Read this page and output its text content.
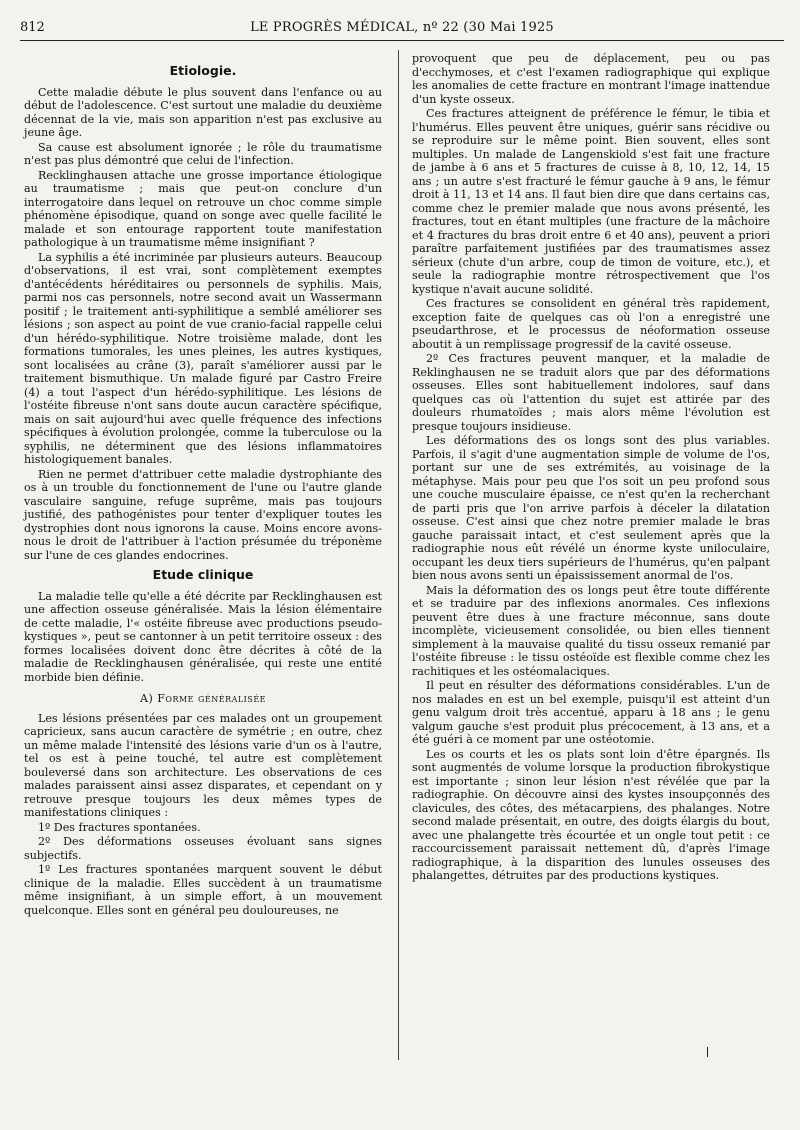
812	LE PROGRÈS MÉDICAL, nº 22 (30 Mai 1925
Etiologie.

Cette maladie débute le plus souvent dans l'enfance ou au début de l'adolescence. C'est surtout une maladie du deuxième décennat de la vie, mais son apparition n'est pas exclusive au jeune âge.

Sa cause est absolument ignorée ; le rôle du traumatisme n'est pas plus démontré que celui de l'infection.

Recklinghausen attache une grosse importance étiologique au traumatisme ; mais que peut-on conclure d'un interrogatoire dans lequel on retrouve un choc comme simple phénomène épisodique, quand on songe avec quelle facilité le malade et son entourage rapportent toute manifestation pathologique à un traumatisme même insignifiant ?

La syphilis a été incriminée par plusieurs auteurs. Beaucoup d'observations, il est vrai, sont complètement exemptes d'antécédents héréditaires ou personnels de syphilis. Mais, parmi nos cas personnels, notre second avait un Wassermann positif ; le traitement anti-syphilitique a semblé améliorer ses lésions ; son aspect au point de vue cranio-facial rappelle celui d'un hérédo-syphilitique. Notre troisième malade, dont les formations tumorales, les unes pleines, les autres kystiques, sont localisées au crâne (3), paraît s'améliorer aussi par le traitement bismuthique. Un malade figuré par Castro Freire (4) a tout l'aspect d'un hérédo-syphilitique. Les lésions de l'ostéite fibreuse n'ont sans doute aucun caractère spécifique, mais on sait aujourd'hui avec quelle fréquence des infections spécifiques à évolution prolongée, comme la tuberculose ou la syphilis, ne déterminent que des lésions inflammatoires histologiquement banales.

Rien ne permet d'attribuer cette maladie dystrophiante des os à un trouble du fonctionnement de l'une ou l'autre glande vasculaire sanguine, refuge suprême, mais pas toujours justifié, des pathogénistes pour tenter d'expliquer toutes les dystrophies dont nous ignorons la cause. Moins encore avons-nous le droit de l'attribuer à l'action présumée du tréponème sur l'une de ces glandes endocrines.

Etude clinique

La maladie telle qu'elle a été décrite par Recklinghausen est une affection osseuse généralisée. Mais la lésion élémentaire de cette maladie, l'« ostéite fibreuse avec productions pseudo-kystiques », peut se cantonner à un petit territoire osseux : des formes localisées doivent donc être décrites à côté de la maladie de Recklinghausen généralisée, qui reste une entité morbide bien définie.

A) Forme généralisée

Les lésions présentées par ces malades ont un groupement capricieux, sans aucun caractère de symétrie ; en outre, chez un même malade l'intensité des lésions varie d'un os à l'autre, tel os est à peine touché, tel autre est complètement bouleversé dans son architecture. Les observations de ces malades paraissent ainsi assez disparates, et cependant on y retrouve presque toujours les deux mêmes types de manifestations cliniques :

1º Des fractures spontanées.

2º Des déformations osseuses évoluant sans signes subjectifs.

1º Les fractures spontanées marquent souvent le début clinique de la maladie. Elles succèdent à un traumatisme même insignifiant, à un simple effort, à un mouvement quelconque. Elles sont en général peu douloureuses, ne

provoquent que peu de déplacement, peu ou pas d'ecchymoses, et c'est l'examen radiographique qui explique les anomalies de cette fracture en montrant l'image inattendue d'un kyste osseux.

Ces fractures atteignent de préférence le fémur, le tibia et l'humérus. Elles peuvent être uniques, guérir sans récidive ou se reproduire sur le même point. Bien souvent, elles sont multiples. Un malade de Langenskiold s'est fait une fracture de jambe à 6 ans et 5 fractures de cuisse à 8, 10, 12, 14, 15 ans ; un autre s'est fracturé le fémur gauche à 9 ans, le fémur droit à 11, 13 et 14 ans. Il faut bien dire que dans certains cas, comme chez le premier malade que nous avons présenté, les fractures, tout en étant multiples (une fracture de la mâchoire et 4 fractures du bras droit entre 6 et 40 ans), peuvent a priori paraître parfaitement justifiées par des traumatismes assez sérieux (chute d'un arbre, coup de timon de voiture, etc.), et seule la radiographie montre rétrospectivement que l'os kystique n'avait aucune solidité.

Ces fractures se consolident en général très rapidement, exception faite de quelques cas où l'on a enregistré une pseudarthrose, et le processus de néoformation osseuse aboutit à un remplissage progressif de la cavité osseuse.

2º Ces fractures peuvent manquer, et la maladie de Reklinghausen ne se traduit alors que par des déformations osseuses. Elles sont habituellement indolores, sauf dans quelques cas où l'attention du sujet est attirée par des douleurs rhumatoïdes ; mais alors même l'évolution est presque toujours insidieuse.

Les déformations des os longs sont des plus variables. Parfois, il s'agit d'une augmentation simple de volume de l'os, portant sur une de ses extrémités, au voisinage de la métaphyse. Mais pour peu que l'os soit un peu profond sous une couche musculaire épaisse, ce n'est qu'en la recherchant de parti pris que l'on arrive parfois à déceler la dilatation osseuse. C'est ainsi que chez notre premier malade le bras gauche paraissait intact, et c'est seulement après que la radiographie nous eût révélé un énorme kyste uniloculaire, occupant les deux tiers supérieurs de l'humérus, qu'en palpant bien nous avons senti un épaississement anormal de l'os.

Mais la déformation des os longs peut être toute différente et se traduire par des inflexions anormales. Ces inflexions peuvent être dues à une fracture méconnue, sans doute incomplète, vicieusement consolidée, ou bien elles tiennent simplement à la mauvaise qualité du tissu osseux remanié par l'ostéite fibreuse : le tissu ostéoïde est flexible comme chez les rachitiques et les ostéomalaciques.

Il peut en résulter des déformations considérables. L'un de nos malades en est un bel exemple, puisqu'il est atteint d'un genu valgum droit très accentué, apparu à 18 ans ; le genu valgum gauche s'est produit plus précocement, à 13 ans, et a été guéri à ce moment par une ostéotomie.

Les os courts et les os plats sont loin d'être épargnés. Ils sont augmentés de volume lorsque la production fibrokystique est importante ; sinon leur lésion n'est révélée que par la radiographie. On découvre ainsi des kystes insoupçonnés des clavicules, des côtes, des métacarpiens, des phalanges. Notre second malade présentait, en outre, des doigts élargis du bout, avec une phalangette très écourtée et un ongle tout petit : ce raccourcissement paraissait nettement dû, d'après l'image radiographique, à la disparition des lunules osseuses des phalangettes, détruites par des productions kystiques.
